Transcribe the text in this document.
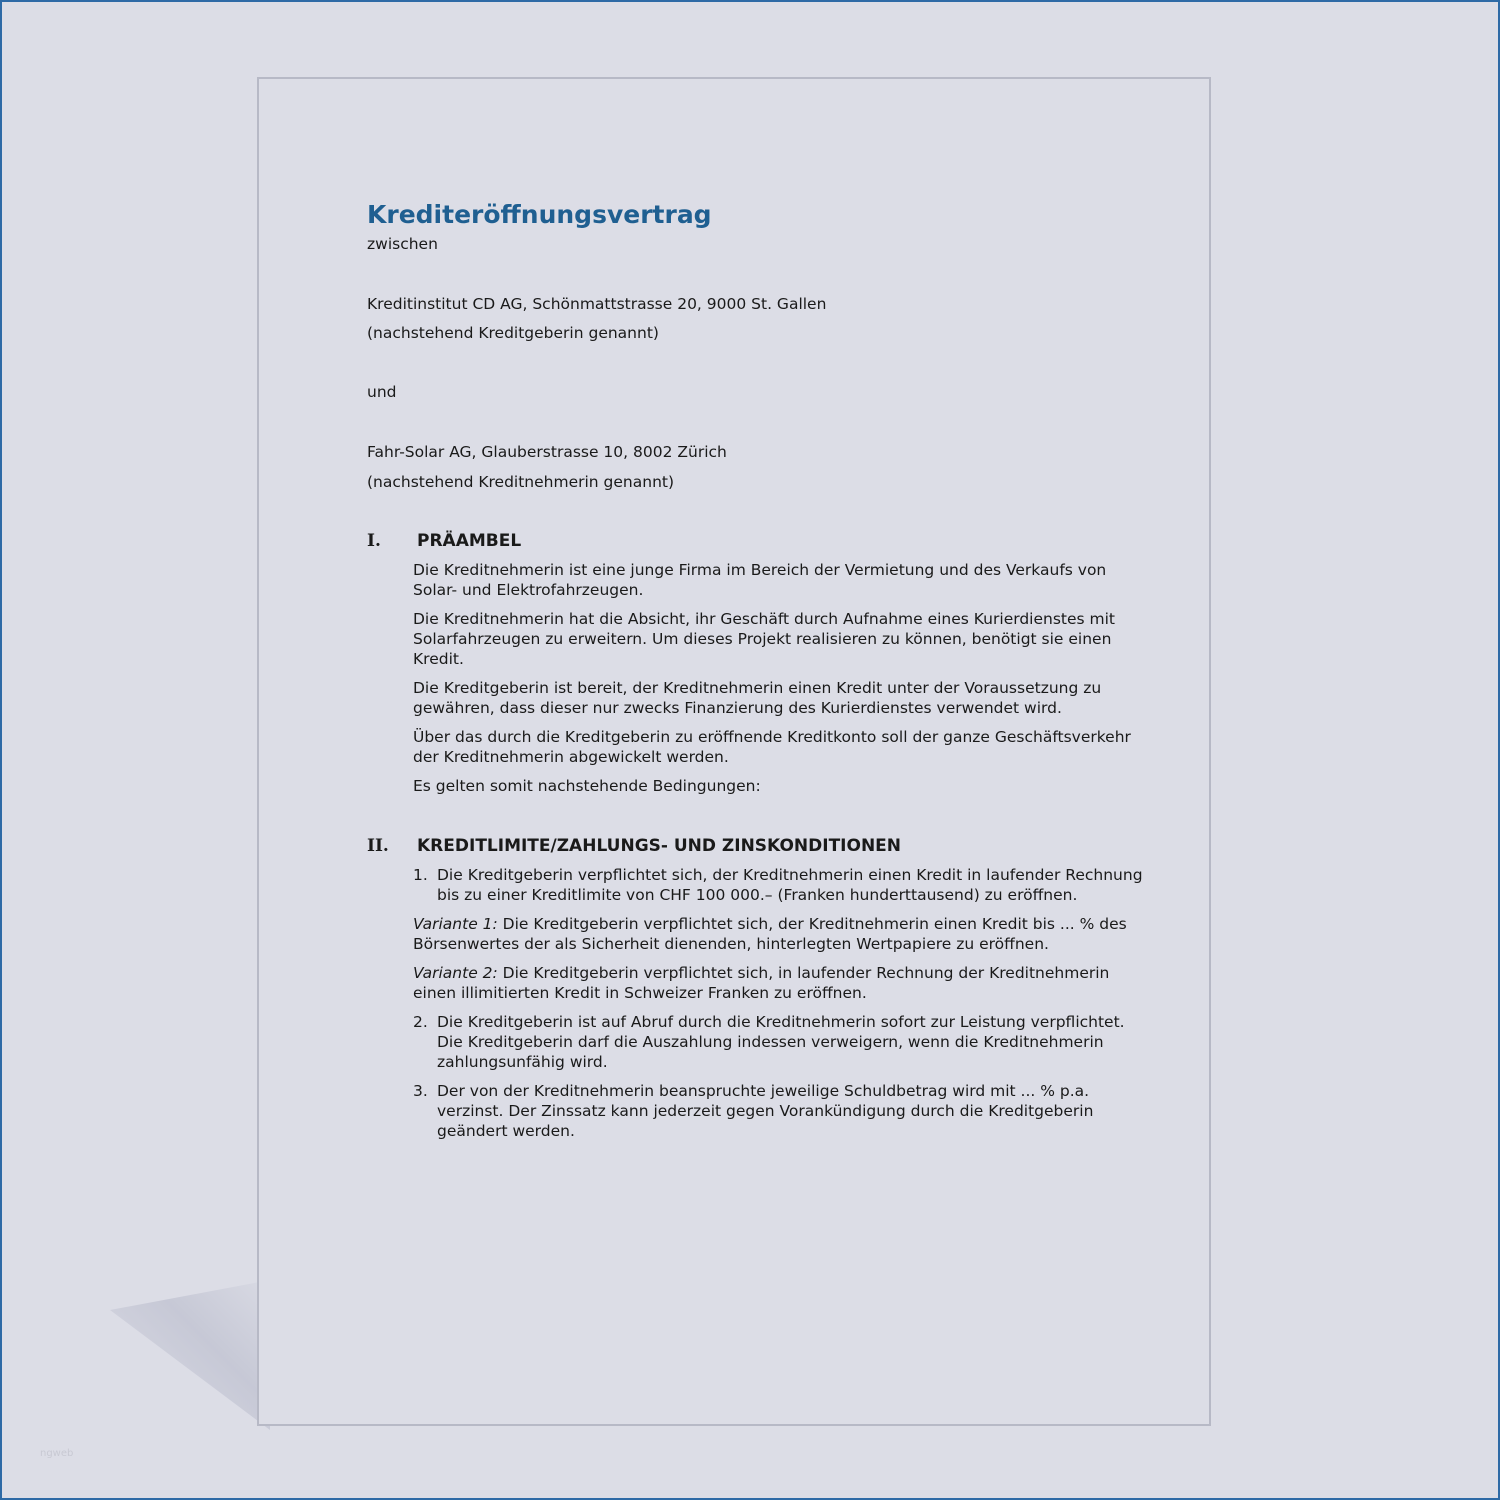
Krediteröffnungsvertrag

zwischen

Kreditinstitut CD AG, Schönmattstrasse 20, 9000 St. Gallen

(nachstehend Kreditgeberin genannt)

und

Fahr-Solar AG, Glauberstrasse 10, 8002 Zürich

(nachstehend Kreditnehmerin genannt)

I.	PRÄAMBEL

Die Kreditnehmerin ist eine junge Firma im Bereich der Vermietung und des Verkaufs von Solar- und Elektrofahrzeugen.

Die Kreditnehmerin hat die Absicht, ihr Geschäft durch Aufnahme eines Kurierdienstes mit Solarfahrzeugen zu erweitern. Um dieses Projekt realisieren zu können, benötigt sie einen Kredit.

Die Kreditgeberin ist bereit, der Kreditnehmerin einen Kredit unter der Voraussetzung zu gewähren, dass dieser nur zwecks Finanzierung des Kurierdienstes verwendet wird.

Über das durch die Kreditgeberin zu eröffnende Kreditkonto soll der ganze Geschäftsverkehr der Kreditnehmerin abgewickelt werden.

Es gelten somit nachstehende Bedingungen:

II.	KREDITLIMITE/ZAHLUNGS- UND ZINSKONDITIONEN
1. Die Kreditgeberin verpflichtet sich, der Kreditnehmerin einen Kredit in laufender Rechnung bis zu einer Kreditlimite von CHF 100 000.– (Franken hunderttausend) zu eröffnen.

Variante 1: Die Kreditgeberin verpflichtet sich, der Kreditnehmerin einen Kredit bis ... % des Börsenwertes der als Sicherheit dienenden, hinterlegten Wertpapiere zu eröffnen.

Variante 2: Die Kreditgeberin verpflichtet sich, in laufender Rechnung der Kreditnehmerin einen illimitierten Kredit in Schweizer Franken zu eröffnen.

2. Die Kreditgeberin ist auf Abruf durch die Kreditnehmerin sofort zur Leistung verpflichtet. Die Kreditgeberin darf die Auszahlung indessen verweigern, wenn die Kreditnehmerin zahlungsunfähig wird.
3. Der von der Kreditnehmerin beanspruchte jeweilige Schuldbetrag wird mit ... % p.a. verzinst. Der Zinssatz kann jederzeit gegen Vorankündigung durch die Kreditgeberin geändert werden.
ngweb
